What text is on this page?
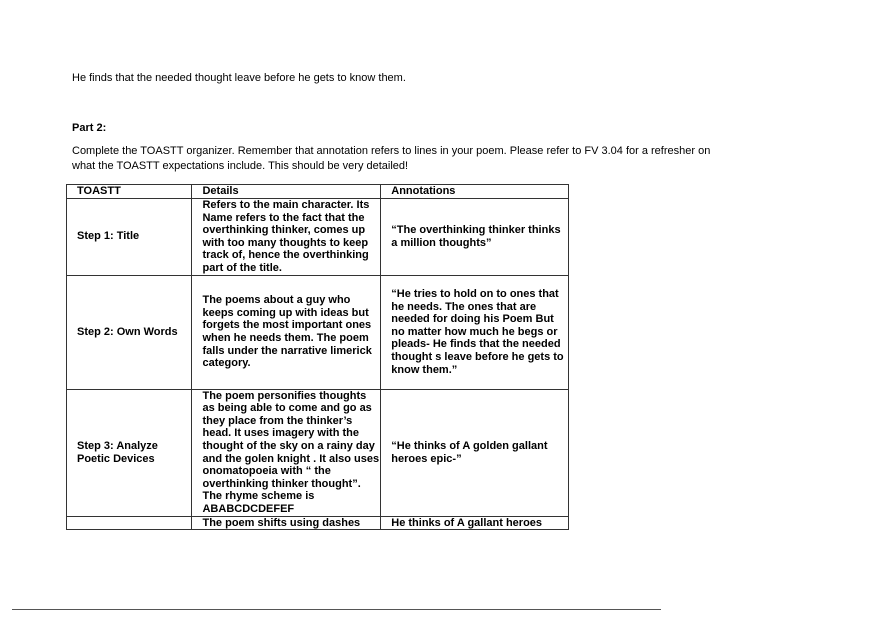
He finds that the needed thought leave before he gets to know them.

Part 2:

Complete the TOASTT organizer. Remember that annotation refers to lines in your poem. Please refer to FV 3.04 for a refresher on what the TOASTT expectations include. This should be very detailed!

TOASTT	Details	Annotations
Step 1: Title	Refers to the main character. Its Name refers to the fact that the overthinking thinker, comes up with too many thoughts to keep track of, hence the overthinking part of the title.	“The overthinking thinker thinks a million thoughts”
Step 2: Own Words	The poems about a guy who keeps coming up with ideas but forgets the most important ones when he needs them. The poem falls under the narrative limerick category.	“He tries to hold on to ones that he needs. The ones that are needed for doing his Poem But no matter how much he begs or pleads- He finds that the needed thought s leave before he gets to know them.”
Step 3: Analyze Poetic Devices	The poem personifies thoughts as being able to come and go as they place from the thinker’s head. It uses imagery with the thought of the sky on a rainy day and the golen knight . It also uses onomatopoeia with “ the overthinking thinker thought”. The rhyme scheme is ABABCDCDEFEF	“He thinks of A golden gallant heroes epic-”
	The poem shifts using dashes	He thinks of A gallant heroes
